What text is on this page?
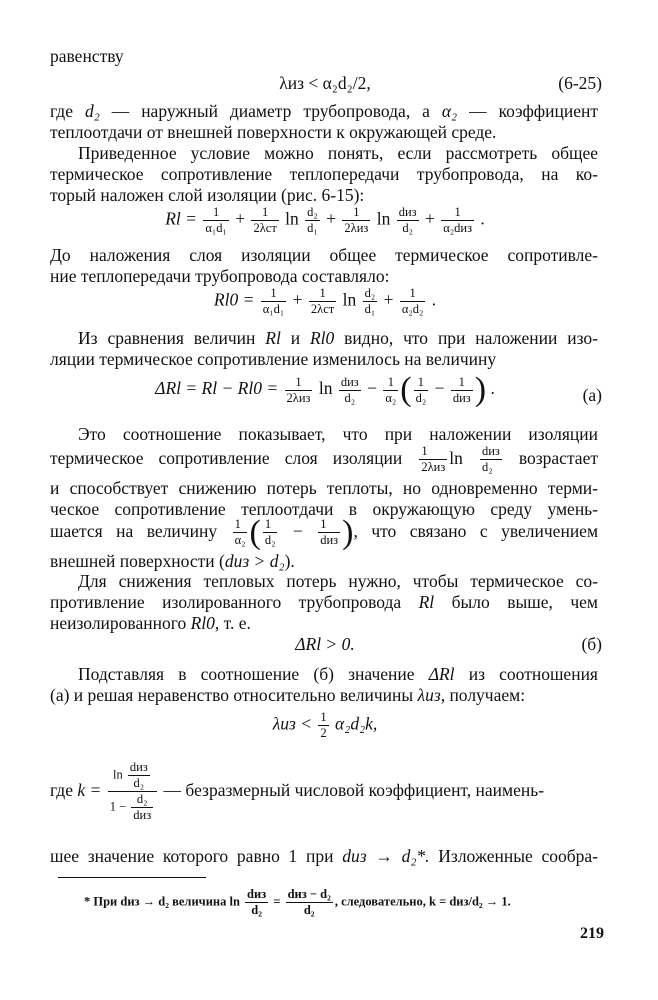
равенству
λиз < α₂d₂/2,	(6-25)
где d₂ — наружный диаметр трубопровода, а α₂ — коэффициент
теплоотдачи от внешней поверхности к окружающей среде.
Приведенное условие можно понять, если рассмотреть общее
термическое сопротивление теплопередачи трубопровода, на ко-
торый наложен слой изоляции (рис. 6-15):
$Rl = \frac{1}{\text{α₁d₁}}$ +	1
2λст $\ln \frac{\text{d₂}}{\text{d₁}}$ +	1
2λиз ln dиз
d₂ +	1
α₂dиз .
До наложения слоя изоляции общее термическое сопротивле-
ние теплопередачи трубопровода составляло:
$Rl0 = \frac{1}{\text{α₁d₁}}$ +	1
2λст $\ln \frac{\text{d₂}}{\text{d₁}} + \frac{1}{\text{α₂d₂}}$ .
Из сравнения величин Rl и Rl0 видно, что при наложении изо-
ляции термическое сопротивление изменилось на величину
ΔRl = Rl − Rl0 =	1
2λиз ln dиз
$d_2 - \frac{1}{\text{α₂}}$ ( $\frac{1}{\text{d₂}} - 1$
dиз ) .	(а)
Это соотношение показывает, что при наложении изоляции
термическое сопротивление слоя изоляции 1
2λиз ln dиз
d₂	возрастает
и способствует снижению потерь теплоты, но одновременно терми-
ческое сопротивление теплоотдачи в окружающую среду умень-
шается на величину $\frac{1}{\text{α₂}}$ ( $\frac{1}{\text{d₂}} - 1$
dиз ), что связано с увеличением
внешней поверхности (dиз > d₂).
Для снижения тепловых потерь нужно, чтобы термическое со-
противление изолированного трубопровода Rl было выше, чем
неизолированного Rl0, т. е.
ΔRl > 0.	(б)
Подставляя в соотношение (б) значение ΔRl из соотношения
(а) и решая неравенство относительно величины λиз, получаем:
$\lambda из < \frac{1}{2} \alpha_2d_2k$,
где k =
ln
dиз
d₂
1 −
d₂
dиз
— безразмерный числовой коэффициент, наимень-
шее значение которого равно 1 при dиз → d₂*. Изложенные сообра-
* При dиз → d₂ величина ln
dиз
d₂
=
dиз − d₂
d₂
, следовательно, k = dиз/d₂ → 1.
219
